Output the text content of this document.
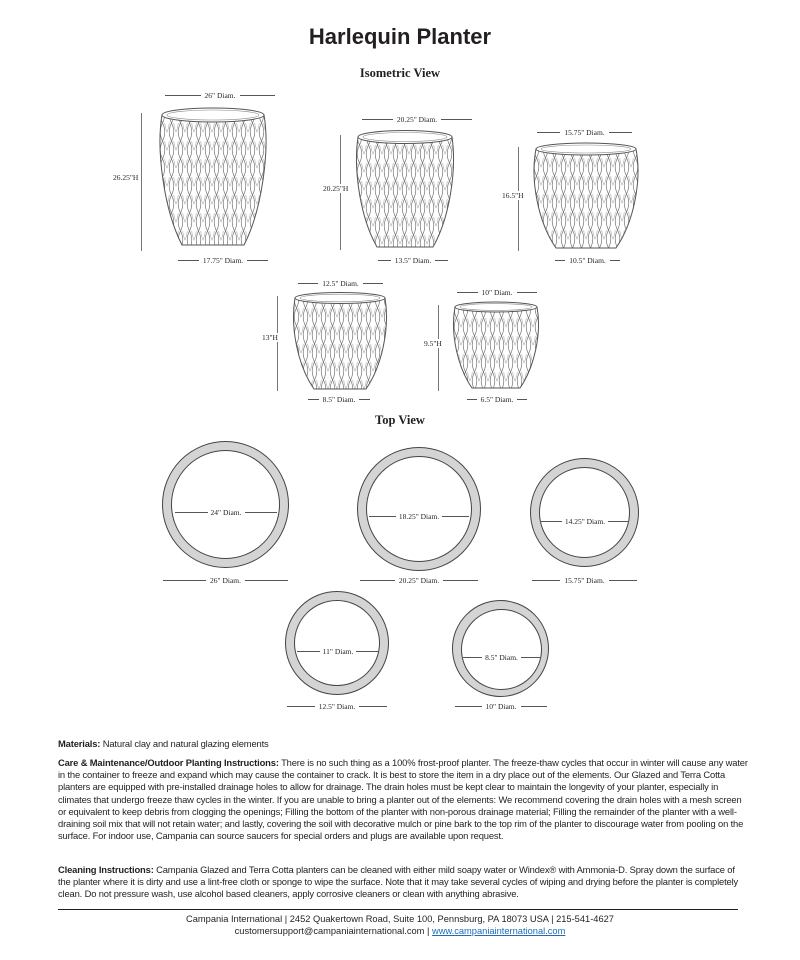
Harlequin Planter
Isometric View
26" Diam.
26.25"H
17.75" Diam.
20.25" Diam.
20.25"H
13.5" Diam.
15.75" Diam.
16.5"H
10.5" Diam.
12.5" Diam.
13"H
8.5" Diam.
10" Diam.
9.5"H
6.5" Diam.
Top View
24" Diam.
26" Diam.
18.25" Diam.
20.25" Diam.
14.25" Diam.
15.75" Diam.
11" Diam.
12.5" Diam.
8.5" Diam.
10" Diam.
Materials: Natural clay and natural glazing elements
Care & Maintenance/Outdoor Planting Instructions: There is no such thing as a 100% frost-proof planter. The freeze-thaw cycles that occur in winter will cause any water in the container to freeze and expand which may cause the container to crack. It is best to store the item in a dry place out of the elements. Our Glazed and Terra Cotta planters are equipped with pre-installed drainage holes to allow for drainage. The drain holes must be kept clear to maintain the longevity of your planter, especially in climates that undergo freeze thaw cycles in the winter. If you are unable to bring a planter out of the elements: We recommend covering the drain holes with a mesh screen or equivalent to keep debris from clogging the openings; Filling the bottom of the planter with non-porous drainage material; Filling the remainder of the planter with a well-draining soil mix that will not retain water; and lastly, covering the soil with decorative mulch or pine bark to the top rim of the planter to discourage water from pooling on the surface. For indoor use, Campania can source saucers for special orders and plugs are available upon request.
Cleaning Instructions: Campania Glazed and Terra Cotta planters can be cleaned with either mild soapy water or Windex® with Ammonia-D. Spray down the surface of the planter where it is dirty and use a lint-free cloth or sponge to wipe the surface. Note that it may take several cycles of wiping and drying before the planter is completely clean. Do not pressure wash, use alcohol based cleaners, apply corrosive cleaners or clean with anything abrasive.
Campania International | 2452 Quakertown Road, Suite 100, Pennsburg, PA 18073 USA | 215-541-4627
customersupport@campaniainternational.com | www.campaniainternational.com
